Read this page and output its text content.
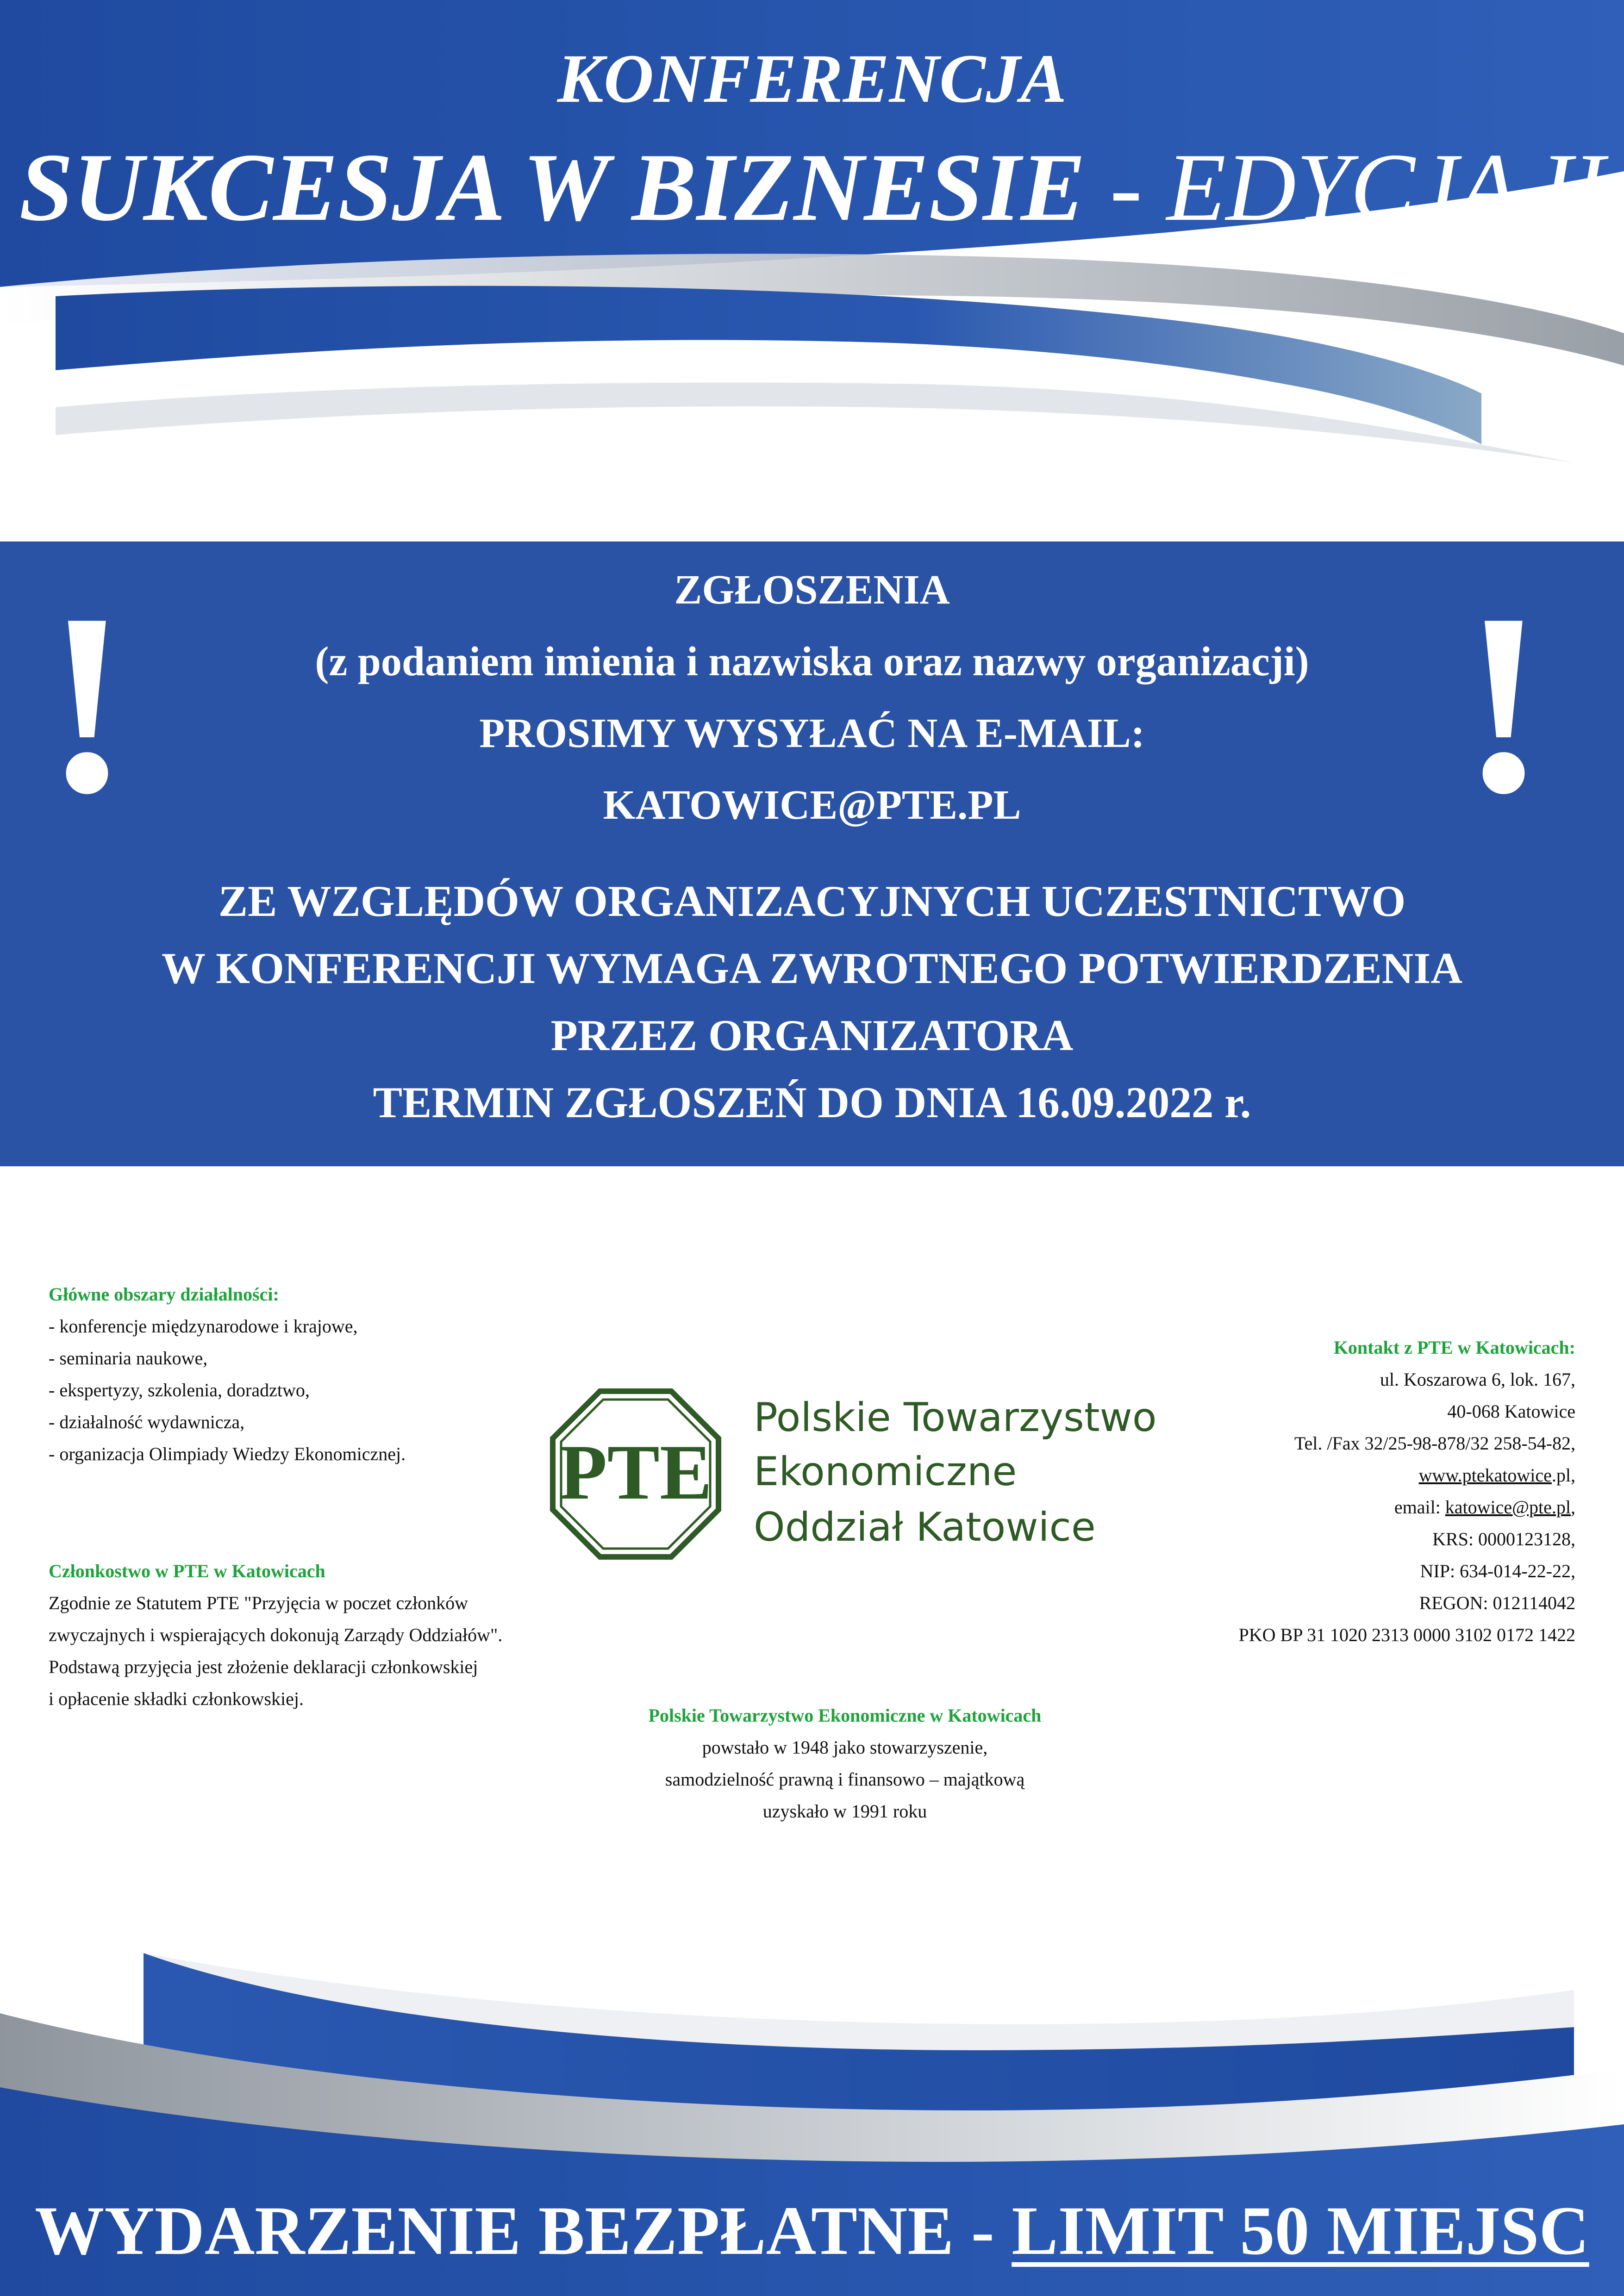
KONFERENCJA
SUKCESJA W BIZNESIE - EDYCJA II
!	!
ZGŁOSZENIA
(z podaniem imienia i nazwiska oraz nazwy organizacji)
PROSIMY WYSYŁAĆ NA E-MAIL:
KATOWICE@PTE.PL
ZE WZGLĘDÓW ORGANIZACYJNYCH UCZESTNICTWO
W KONFERENCJI WYMAGA ZWROTNEGO POTWIERDZENIA
PRZEZ ORGANIZATORA
TERMIN ZGŁOSZEŃ DO DNIA 16.09.2022 r.
Główne obszary działalności:
- konferencje międzynarodowe i krajowe,
- seminaria naukowe,
- ekspertyzy, szkolenia, doradztwo,
- działalność wydawnicza,
- organizacja Olimpiady Wiedzy Ekonomicznej.
Członkostwo w PTE w Katowicach
Zgodnie ze Statutem PTE "Przyjęcia w poczet członków
zwyczajnych i wspierających dokonują Zarządy Oddziałów".
Podstawą przyjęcia jest złożenie deklaracji członkowskiej
i opłacenie składki członkowskiej.
PTE
Polskie Towarzystwo
Ekonomiczne
Oddział Katowice
Kontakt z PTE w Katowicach:
ul. Koszarowa 6, lok. 167,
40-068 Katowice
Tel. /Fax 32/25-98-878/32 258-54-82,
www.ptekatowice.pl,
email: katowice@pte.pl,
KRS: 0000123128,
NIP: 634-014-22-22,
REGON: 012114042
PKO BP 31 1020 2313 0000 3102 0172 1422
Polskie Towarzystwo Ekonomiczne w Katowicach
powstało w 1948 jako stowarzyszenie,
samodzielność prawną i finansowo – majątkową
uzyskało w 1991 roku
WYDARZENIE BEZPŁATNE - LIMIT 50 MIEJSC
